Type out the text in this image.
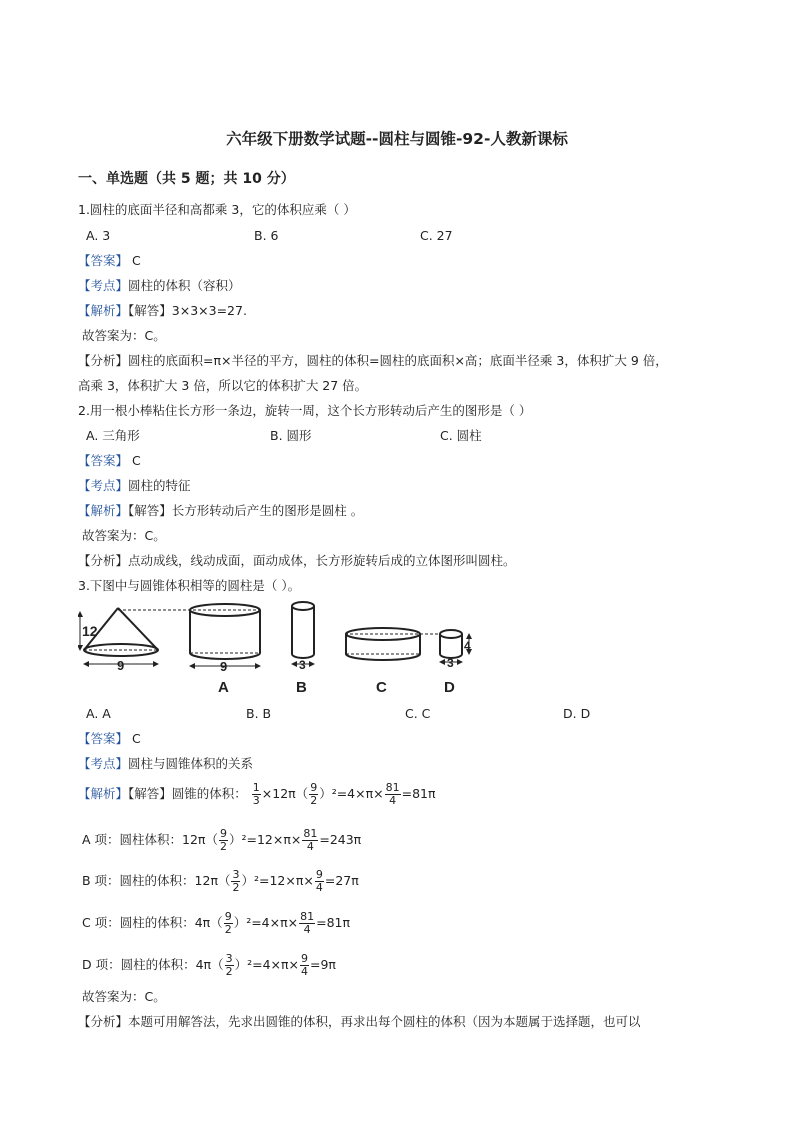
六年级下册数学试题--圆柱与圆锥-92-人教新课标
一、单选题（共 5 题；共 10 分）
1.圆柱的底面半径和高都乘 3，它的体积应乘（ ）
A. 3	B. 6	C. 27
【答案】 C
【考点】圆柱的体积（容积）
【解析】【解答】3×3×3=27.
故答案为：C。
【分析】圆柱的底面积=π×半径的平方，圆柱的体积=圆柱的底面积×高；底面半径乘 3，体积扩大 9 倍，
高乘 3，体积扩大 3 倍，所以它的体积扩大 27 倍。
2.用一根小棒粘住长方形一条边，旋转一周，这个长方形转动后产生的图形是（ ）
A. 三角形	B. 圆形	C. 圆柱
【答案】 C
【考点】圆柱的特征
【解析】【解答】长方形转动后产生的图形是圆柱 。
故答案为：C。
【分析】点动成线，线动成面，面动成体，长方形旋转后成的立体图形叫圆柱。
3.下图中与圆锥体积相等的圆柱是（ ）。
12
9	9
A
3
B	C
4
3
D
A. A	B. B	C. C	D. D
【答案】 C
【考点】圆柱与圆锥体积的关系
【解析】【解答】圆锥的体积： $\frac{1}{3} \times 12\pi( \frac{9}{2} )^2=4\times\pi\times \frac{81}{4} =81\pi$
A 项：圆柱体积：$12\pi( \frac{9}{2} )^2=12\times\pi\times \frac{81}{4} =243\pi$
B 项：圆柱的体积：$12\pi( \frac{3}{2} )^2=12\times\pi\times \frac{9}{4} =27\pi$
C 项：圆柱的体积：$4\pi( \frac{9}{2} )^2=4\times\pi\times \frac{81}{4} =81\pi$
D 项：圆柱的体积：$4\pi( \frac{3}{2} )^2=4\times\pi\times \frac{9}{4} =9\pi$
故答案为：C。
【分析】本题可用解答法，先求出圆锥的体积，再求出每个圆柱的体积（因为本题属于选择题，也可以
